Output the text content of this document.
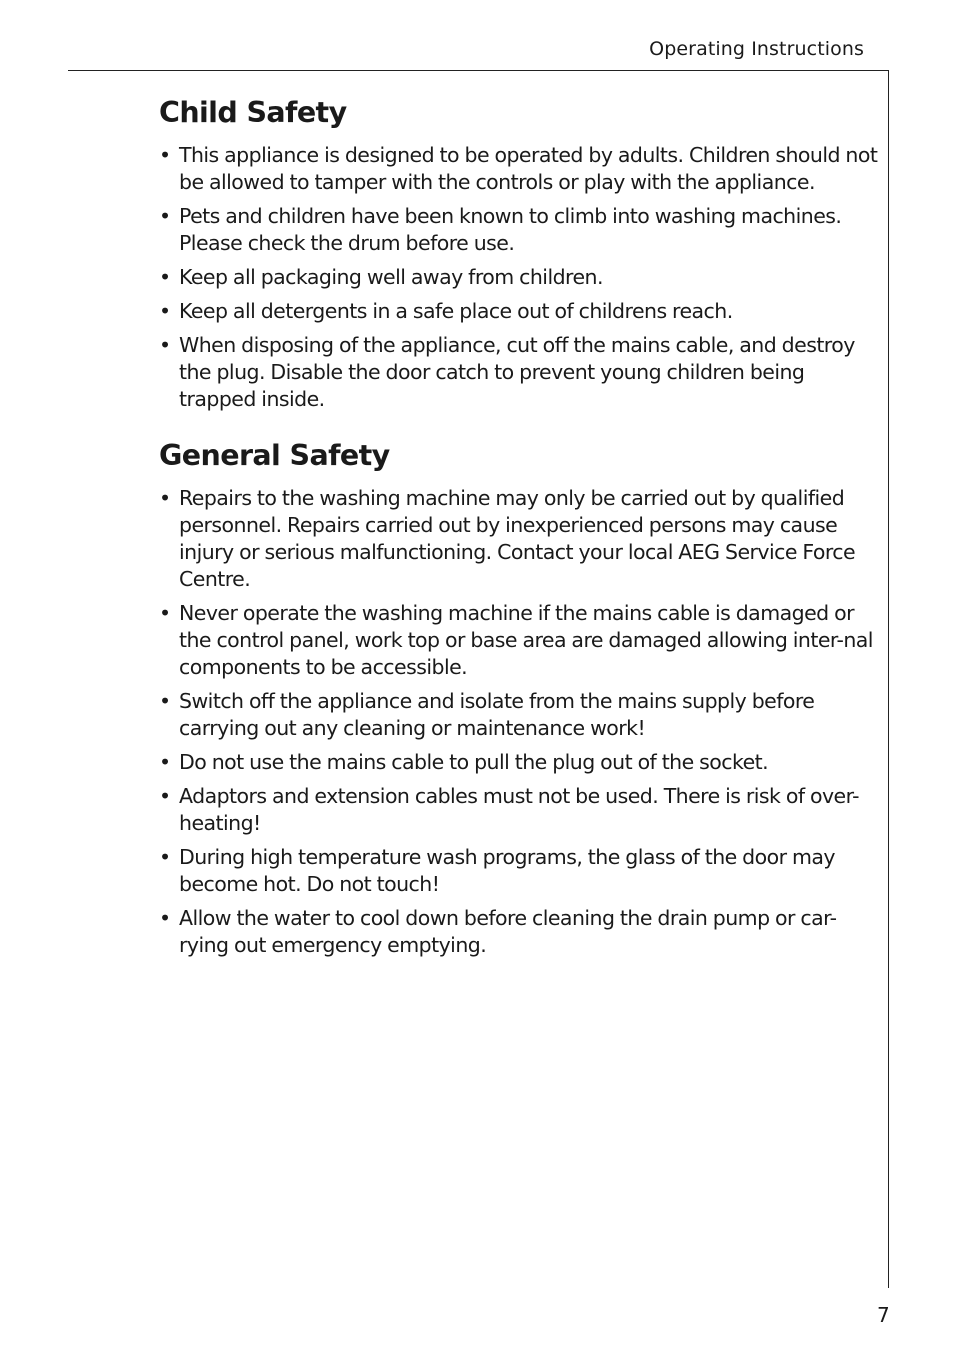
Operating Instructions
Child Safety
• This appliance is designed to be operated by adults. Children should not be allowed to tamper with the controls or play with the appliance.
• Pets and children have been known to climb into washing machines. Please check the drum before use.
• Keep all packaging well away from children.
• Keep all detergents in a safe place out of childrens reach.
• When disposing of the appliance, cut off the mains cable, and destroy the plug. Disable the door catch to prevent young children being trapped inside.
General Safety
• Repairs to the washing machine may only be carried out by qualified personnel. Repairs carried out by inexperienced persons may cause injury or serious malfunctioning. Contact your local AEG Service Force Centre.
• Never operate the washing machine if the mains cable is damaged or the control panel, work top or base area are damaged allowing inter-nal components to be accessible.
• Switch off the appliance and isolate from the mains supply before carrying out any cleaning or maintenance work!
• Do not use the mains cable to pull the plug out of the socket.
• Adaptors and extension cables must not be used. There is risk of over-heating!
• During high temperature wash programs, the glass of the door may become hot. Do not touch!
• Allow the water to cool down before cleaning the drain pump or car-rying out emergency emptying.
7
